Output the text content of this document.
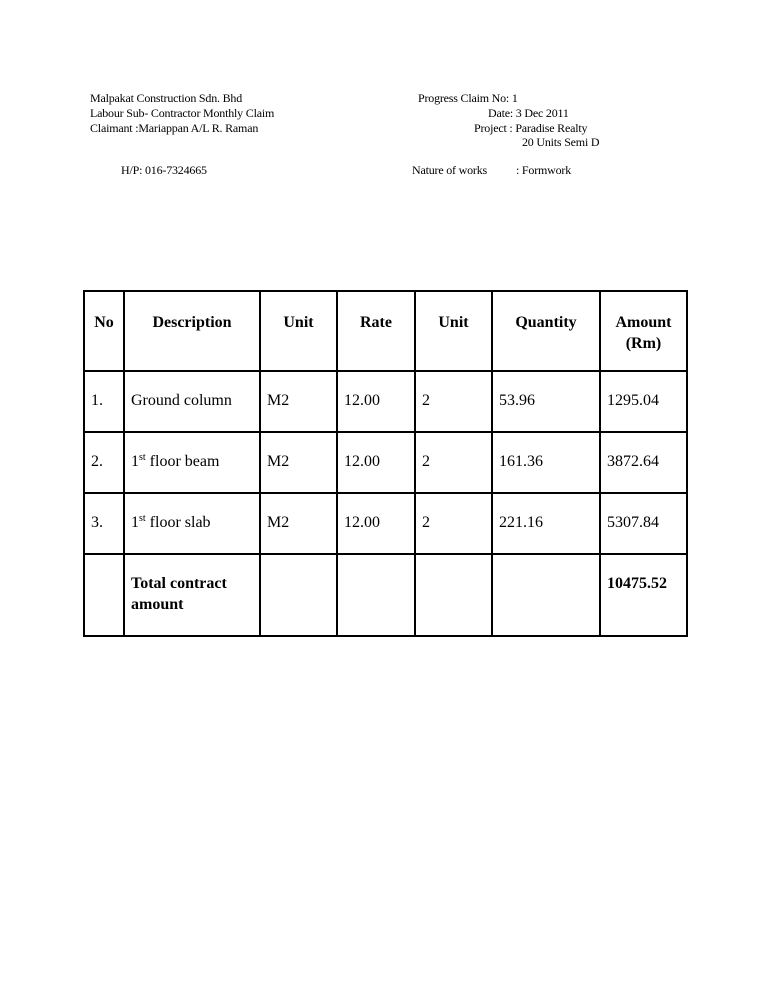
Malpakat Construction Sdn. Bhd
Labour Sub- Contractor Monthly Claim
Claimant :Mariappan A/L R. Raman
H/P: 016-7324665
Progress Claim No: 1
Date: 3 Dec 2011
Project : Paradise Realty
20 Units Semi D
Nature of works : Formwork
No	Description	Unit	Rate	Unit	Quantity	Amount (Rm)
1.	Ground column	M2	12.00	2	53.96	1295.04
2.	1st floor beam	M2	12.00	2	161.36	3872.64
3.	1st floor slab	M2	12.00	2	221.16	5307.84
	Total contract amount					10475.52
